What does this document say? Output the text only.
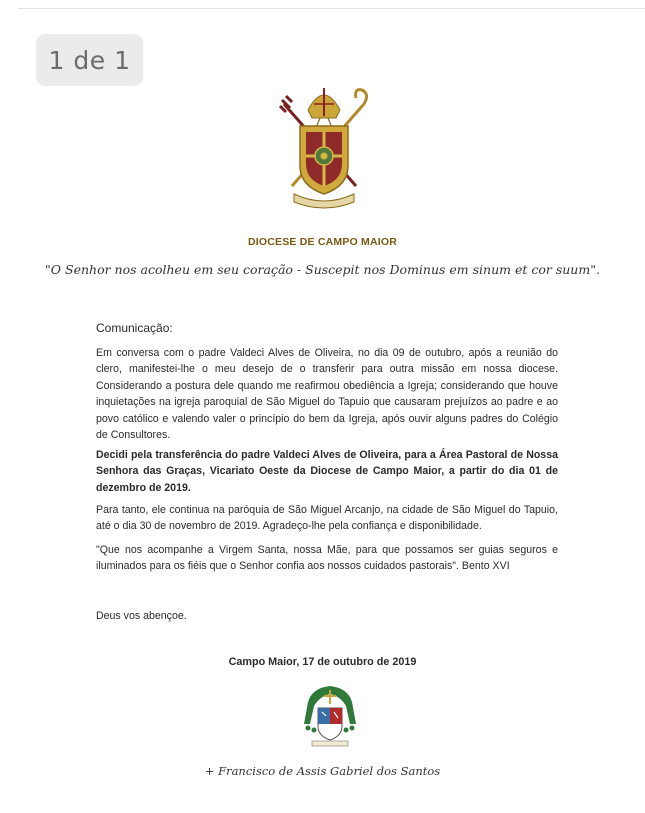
1 de 1
DIOCESE DE CAMPO MAIOR
"O Senhor nos acolheu em seu coração - Suscepit nos Dominus em sinum et cor suum".
Comunicação:
Em conversa com o padre Valdeci Alves de Oliveira, no dia 09 de outubro, após a reunião do clero, manifestei-lhe o meu desejo de o transferir para outra missão em nossa diocese. Considerando a postura dele quando me reafirmou obediência a Igreja; considerando que houve inquietações na igreja paroquial de São Miguel do Tapuio que causaram prejuízos ao padre e ao povo católico e valendo valer o princípio do bem da Igreja, após ouvir alguns padres do Colégio de Consultores.
Decidi pela transferência do padre Valdeci Alves de Oliveira, para a Área Pastoral de Nossa Senhora das Graças, Vicariato Oeste da Diocese de Campo Maior, a partir do dia 01 de dezembro de 2019.
Para tanto, ele continua na paróquia de São Miguel Arcanjo, na cidade de São Miguel do Tapuio, até o dia 30 de novembro de 2019. Agradeço-lhe pela confiança e disponibilidade.
"Que nos acompanhe a Virgem Santa, nossa Mãe, para que possamos ser guias seguros e iluminados para os fiéis que o Senhor confia aos nossos cuidados pastorais". Bento XVI
Deus vos abençoe.
Campo Maior, 17 de outubro de 2019
+ Francisco de Assis Gabriel dos Santos
